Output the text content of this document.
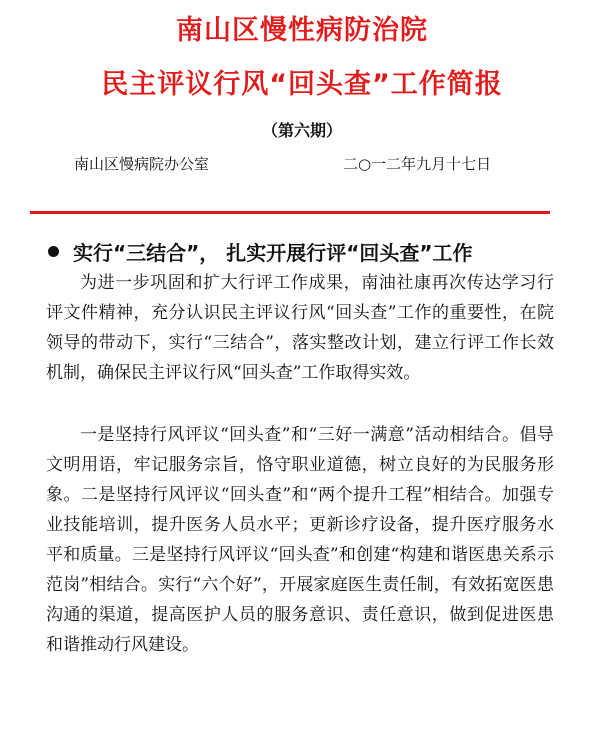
南山区慢性病防治院
民主评议行风“回头查”工作简报
（第六期）
南山区慢病院办公室	二○一二年九月十七日
实行“三结合”， 扎实开展行评“回头查”工作

为进一步巩固和扩大行评工作成果，南油社康再次传达学习行评文件精神，充分认识民主评议行风“回头查”工作的重要性，在院领导的带动下，实行“三结合”，落实整改计划，建立行评工作长效机制，确保民主评议行风“回头查”工作取得实效。

一是坚持行风评议“回头查”和“三好一满意”活动相结合。倡导文明用语，牢记服务宗旨，恪守职业道德，树立良好的为民服务形象。二是坚持行风评议“回头查”和“两个提升工程”相结合。加强专业技能培训，提升医务人员水平；更新诊疗设备，提升医疗服务水平和质量。三是坚持行风评议“回头查”和创建“构建和谐医患关系示范岗”相结合。实行“六个好”，开展家庭医生责任制，有效拓宽医患沟通的渠道，提高医护人员的服务意识、责任意识，做到促进医患和谐推动行风建设。
